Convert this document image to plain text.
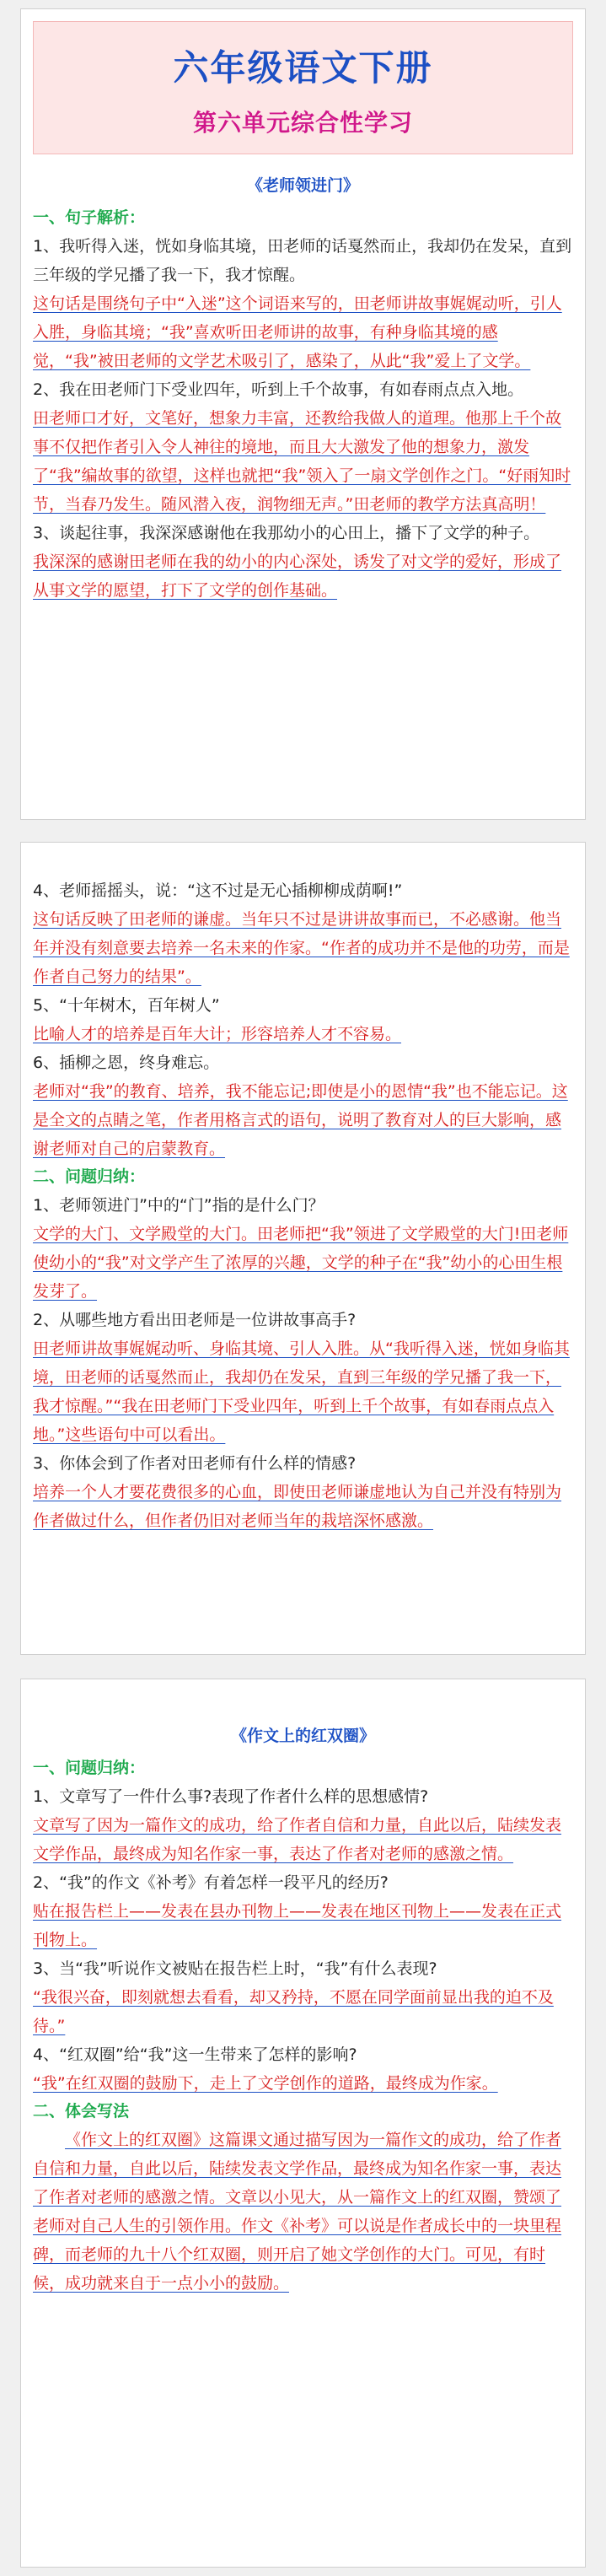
六年级语文下册
第六单元综合性学习
《老师领进门》
一、句子解析：
1、我听得入迷，恍如身临其境，田老师的话戛然而止，我却仍在发呆，直到三年级的学兄播了我一下，我才惊醒。
这句话是围绕句子中“入迷”这个词语来写的，田老师讲故事娓娓动听，引人入胜，身临其境；“我”喜欢听田老师讲的故事，有种身临其境的感觉，“我”被田老师的文学艺术吸引了，感染了，从此“我”爱上了文学。
2、我在田老师门下受业四年，听到上千个故事，有如春雨点点入地。
田老师口才好，文笔好，想象力丰富，还教给我做人的道理。他那上千个故事不仅把作者引入令人神往的境地，而且大大激发了他的想象力，激发了“我”编故事的欲望，这样也就把“我”领入了一扇文学创作之门。“好雨知时节，当春乃发生。随风潜入夜，润物细无声。”田老师的教学方法真高明！
3、谈起往事，我深深感谢他在我那幼小的心田上，播下了文学的种子。
我深深的感谢田老师在我的幼小的内心深处，诱发了对文学的爱好，形成了从事文学的愿望，打下了文学的创作基础。
4、老师摇摇头，说：“这不过是无心插柳柳成荫啊!”
这句话反映了田老师的谦虚。当年只不过是讲讲故事而已，不必感谢。他当年并没有刻意要去培养一名未来的作家。“作者的成功并不是他的功劳，而是作者自己努力的结果”。
5、“十年树木，百年树人”
比喻人才的培养是百年大计；形容培养人才不容易。
6、插柳之恩，终身难忘。
老师对“我”的教育、培养，我不能忘记;即使是小的恩情“我”也不能忘记。这是全文的点睛之笔，作者用格言式的语句，说明了教育对人的巨大影响，感谢老师对自己的启蒙教育。
二、问题归纳：
1、老师领进门”中的“门”指的是什么门？
文学的大门、文学殿堂的大门。田老师把“我”领进了文学殿堂的大门!田老师使幼小的“我”对文学产生了浓厚的兴趣，文学的种子在“我”幼小的心田生根发芽了。
2、从哪些地方看出田老师是一位讲故事高手?
田老师讲故事娓娓动听、身临其境、引人入胜。从“我听得入迷，恍如身临其境，田老师的话戛然而止，我却仍在发呆，直到三年级的学兄播了我一下，我才惊醒。”“我在田老师门下受业四年，听到上千个故事，有如春雨点点入地。”这些语句中可以看出。
3、你体会到了作者对田老师有什么样的情感?
培养一个人才要花费很多的心血，即使田老师谦虚地认为自己并没有特别为作者做过什么，但作者仍旧对老师当年的栽培深怀感激。
《作文上的红双圈》
一、问题归纳：
1、文章写了一件什么事?表现了作者什么样的思想感情?
文章写了因为一篇作文的成功，给了作者自信和力量，自此以后，陆续发表文学作品，最终成为知名作家一事，表达了作者对老师的感激之情。
2、“我”的作文《补考》有着怎样一段平凡的经历?
贴在报告栏上——发表在县办刊物上——发表在地区刊物上——发表在正式刊物上。
3、当“我”听说作文被贴在报告栏上时，“我”有什么表现?
“我很兴奋，即刻就想去看看，却又矜持，不愿在同学面前显出我的迫不及待。”
4、“红双圈”给“我”这一生带来了怎样的影响?
“我”在红双圈的鼓励下，走上了文学创作的道路，最终成为作家。
二、体会写法
《作文上的红双圈》这篇课文通过描写因为一篇作文的成功，给了作者自信和力量，自此以后，陆续发表文学作品，最终成为知名作家一事，表达了作者对老师的感激之情。文章以小见大，从一篇作文上的红双圈，赞颂了老师对自己人生的引领作用。作文《补考》可以说是作者成长中的一块里程碑，而老师的九十八个红双圈，则开启了她文学创作的大门。可见，有时候，成功就来自于一点小小的鼓励。
